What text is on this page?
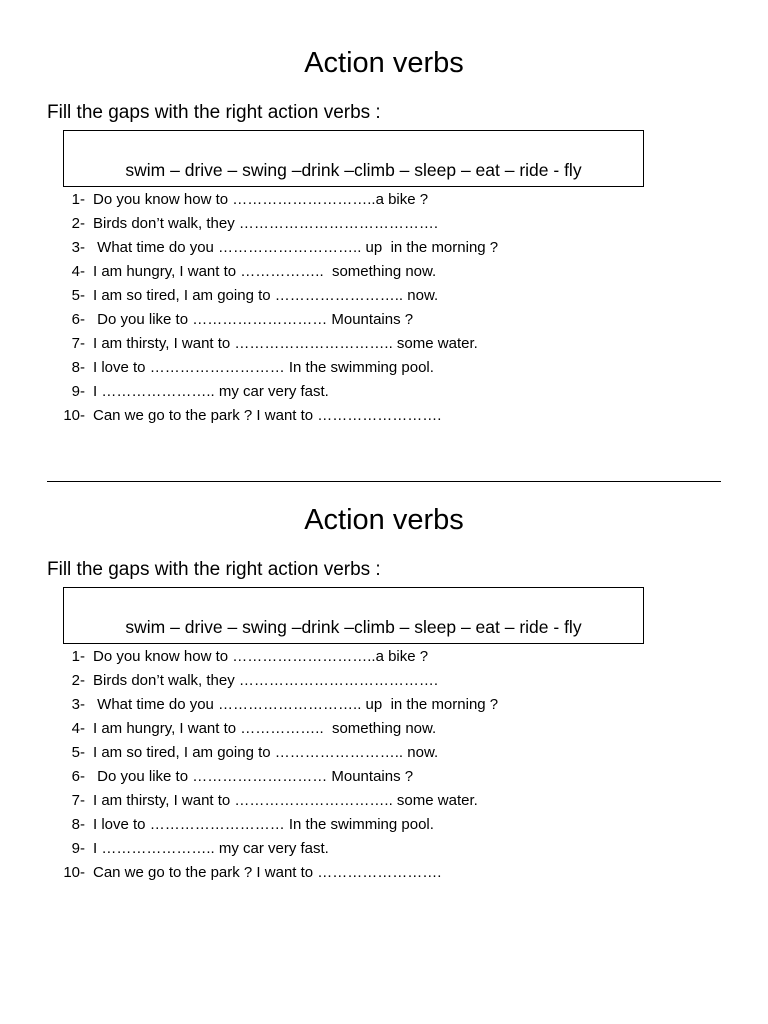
Action verbs
Fill the gaps with the right action verbs :
swim – drive – swing –drink –climb – sleep – eat – ride - fly
1- Do you know how to ………………………..a bike ?
2- Birds don’t walk, they ………………………………….
3- What time do you ……………………….. up  in the morning ?
4- I am hungry, I want to ……………..  something now.
5- I am so tired, I am going to …………………….. now.
6- Do you like to ……………………… Mountains ?
7- I am thirsty, I want to ………………………….. some water.
8- I love to ……………………… In the swimming pool.
9- I ………………….. my car very fast.
10- Can we go to the park ? I want to …………………….
Action verbs
Fill the gaps with the right action verbs :
swim – drive – swing –drink –climb – sleep – eat – ride - fly
1- Do you know how to ………………………..a bike ?
2- Birds don’t walk, they ………………………………….
3- What time do you ……………………….. up  in the morning ?
4- I am hungry, I want to ……………..  something now.
5- I am so tired, I am going to …………………….. now.
6- Do you like to ……………………… Mountains ?
7- I am thirsty, I want to ………………………….. some water.
8- I love to ……………………… In the swimming pool.
9- I ………………….. my car very fast.
10- Can we go to the park ? I want to …………………….
